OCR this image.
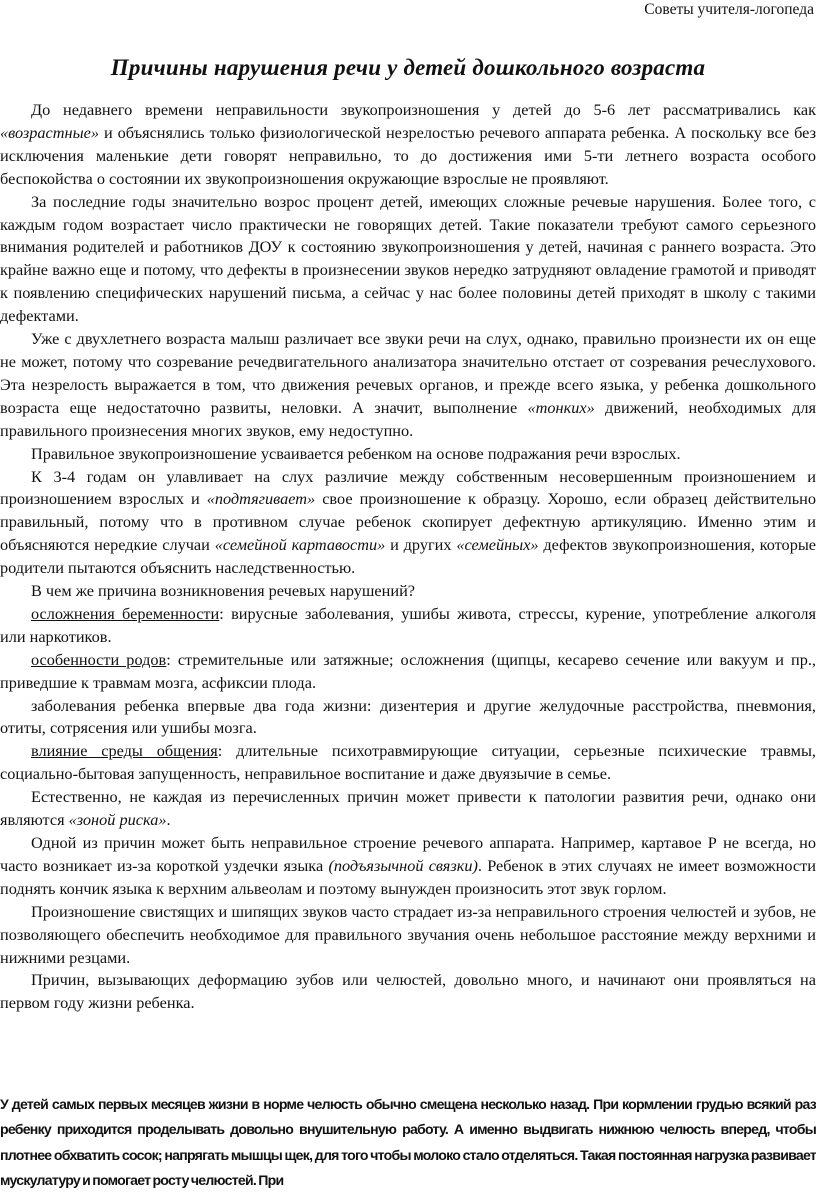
Советы учителя-логопеда
Причины нарушения речи у детей дошкольного возраста

До недавнего времени неправильности звукопроизношения у детей до 5-6 лет рассматривались как «возрастные» и объяснялись только физиологической незрелостью речевого аппарата ребенка. А поскольку все без исключения маленькие дети говорят неправильно, то до достижения ими 5-ти летнего возраста особого беспокойства о состоянии их звукопроизношения окружающие взрослые не проявляют.

За последние годы значительно возрос процент детей, имеющих сложные речевые нарушения. Более того, с каждым годом возрастает число практически не говорящих детей. Такие показатели требуют самого серьезного внимания родителей и работников ДОУ к состоянию звукопроизношения у детей, начиная с раннего возраста. Это крайне важно еще и потому, что дефекты в произнесении звуков нередко затрудняют овладение грамотой и приводят к появлению специфических нарушений письма, а сейчас у нас более половины детей приходят в школу с такими дефектами.

Уже с двухлетнего возраста малыш различает все звуки речи на слух, однако, правильно произнести их он еще не может, потому что созревание речедвигательного анализатора значительно отстает от созревания речеслухового. Эта незрелость выражается в том, что движения речевых органов, и прежде всего языка, у ребенка дошкольного возраста еще недостаточно развиты, неловки. А значит, выполнение «тонких» движений, необходимых для правильного произнесения многих звуков, ему недоступно.

Правильное звукопроизношение усваивается ребенком на основе подражания речи взрослых.

К 3-4 годам он улавливает на слух различие между собственным несовершенным произношением и произношением взрослых и «подтягивает» свое произношение к образцу. Хорошо, если образец действительно правильный, потому что в противном случае ребенок скопирует дефектную артикуляцию. Именно этим и объясняются нередкие случаи «семейной картавости» и других «семейных» дефектов звукопроизношения, которые родители пытаются объяснить наследственностью.

В чем же причина возникновения речевых нарушений?

осложнения беременности: вирусные заболевания, ушибы живота, стрессы, курение, употребление алкоголя или наркотиков.

особенности родов: стремительные или затяжные; осложнения (щипцы, кесарево сечение или вакуум и пр., приведшие к травмам мозга, асфиксии плода.

заболевания ребенка впервые два года жизни: дизентерия и другие желудочные расстройства, пневмония, отиты, сотрясения или ушибы мозга.

влияние среды общения: длительные психотравмирующие ситуации, серьезные психические травмы, социально-бытовая запущенность, неправильное воспитание и даже двуязычие в семье.

Естественно, не каждая из перечисленных причин может привести к патологии развития речи, однако они являются «зоной риска».

Одной из причин может быть неправильное строение речевого аппарата. Например, картавое Р не всегда, но часто возникает из-за короткой уздечки языка (подъязычной связки). Ребенок в этих случаях не имеет возможности поднять кончик языка к верхним альвеолам и поэтому вынужден произносить этот звук горлом.

Произношение свистящих и шипящих звуков часто страдает из-за неправильного строения челюстей и зубов, не позволяющего обеспечить необходимое для правильного звучания очень небольшое расстояние между верхними и нижними резцами.

Причин, вызывающих деформацию зубов или челюстей, довольно много, и начинают они проявляться на первом году жизни ребенка.

У детей самых первых месяцев жизни в норме челюсть обычно смещена несколько назад. При кормлении грудью всякий раз ребенку приходится проделывать довольно внушительную работу. А именно выдвигать нижнюю челюсть вперед, чтобы плотнее обхватить сосок; напрягать мышцы щек, для того чтобы молоко стало отделяться. Такая постоянная нагрузка развивает мускулатуру и помогает росту челюстей. При
